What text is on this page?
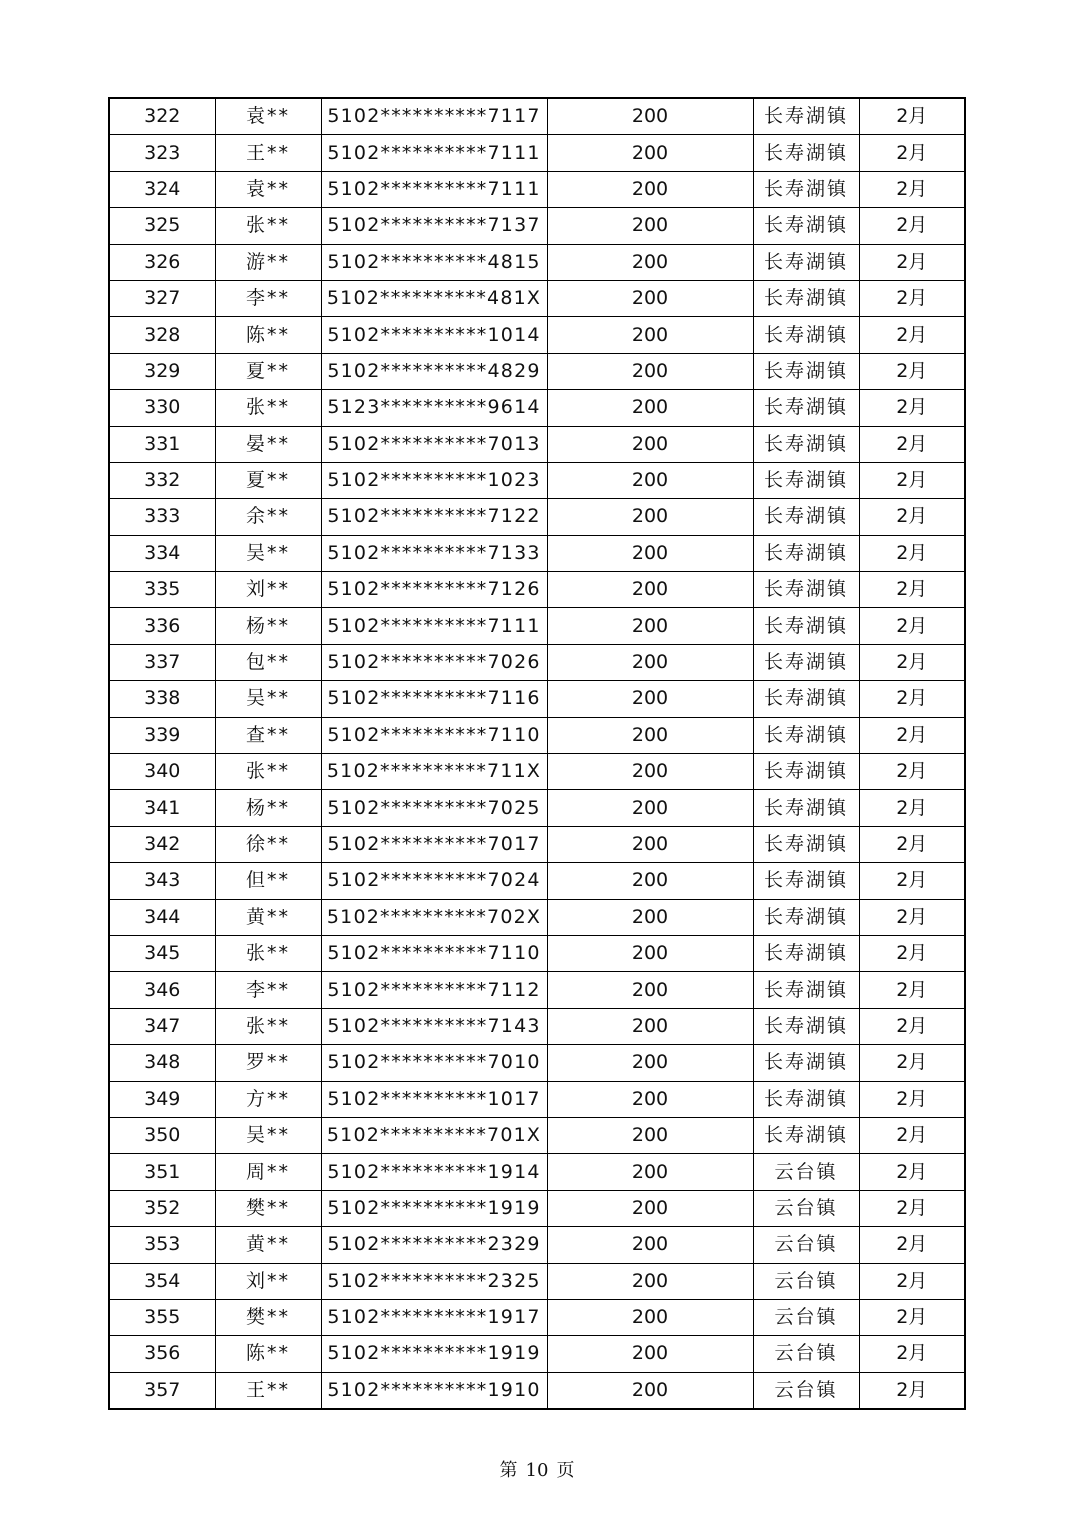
322	袁**	5102**********7117	200	长寿湖镇	2月
323	王**	5102**********7111	200	长寿湖镇	2月
324	袁**	5102**********7111	200	长寿湖镇	2月
325	张**	5102**********7137	200	长寿湖镇	2月
326	游**	5102**********4815	200	长寿湖镇	2月
327	李**	5102**********481X	200	长寿湖镇	2月
328	陈**	5102**********1014	200	长寿湖镇	2月
329	夏**	5102**********4829	200	长寿湖镇	2月
330	张**	5123**********9614	200	长寿湖镇	2月
331	晏**	5102**********7013	200	长寿湖镇	2月
332	夏**	5102**********1023	200	长寿湖镇	2月
333	余**	5102**********7122	200	长寿湖镇	2月
334	吴**	5102**********7133	200	长寿湖镇	2月
335	刘**	5102**********7126	200	长寿湖镇	2月
336	杨**	5102**********7111	200	长寿湖镇	2月
337	包**	5102**********7026	200	长寿湖镇	2月
338	吴**	5102**********7116	200	长寿湖镇	2月
339	查**	5102**********7110	200	长寿湖镇	2月
340	张**	5102**********711X	200	长寿湖镇	2月
341	杨**	5102**********7025	200	长寿湖镇	2月
342	徐**	5102**********7017	200	长寿湖镇	2月
343	但**	5102**********7024	200	长寿湖镇	2月
344	黄**	5102**********702X	200	长寿湖镇	2月
345	张**	5102**********7110	200	长寿湖镇	2月
346	李**	5102**********7112	200	长寿湖镇	2月
347	张**	5102**********7143	200	长寿湖镇	2月
348	罗**	5102**********7010	200	长寿湖镇	2月
349	方**	5102**********1017	200	长寿湖镇	2月
350	吴**	5102**********701X	200	长寿湖镇	2月
351	周**	5102**********1914	200	云台镇	2月
352	樊**	5102**********1919	200	云台镇	2月
353	黄**	5102**********2329	200	云台镇	2月
354	刘**	5102**********2325	200	云台镇	2月
355	樊**	5102**********1917	200	云台镇	2月
356	陈**	5102**********1919	200	云台镇	2月
357	王**	5102**********1910	200	云台镇	2月
第 10 页
